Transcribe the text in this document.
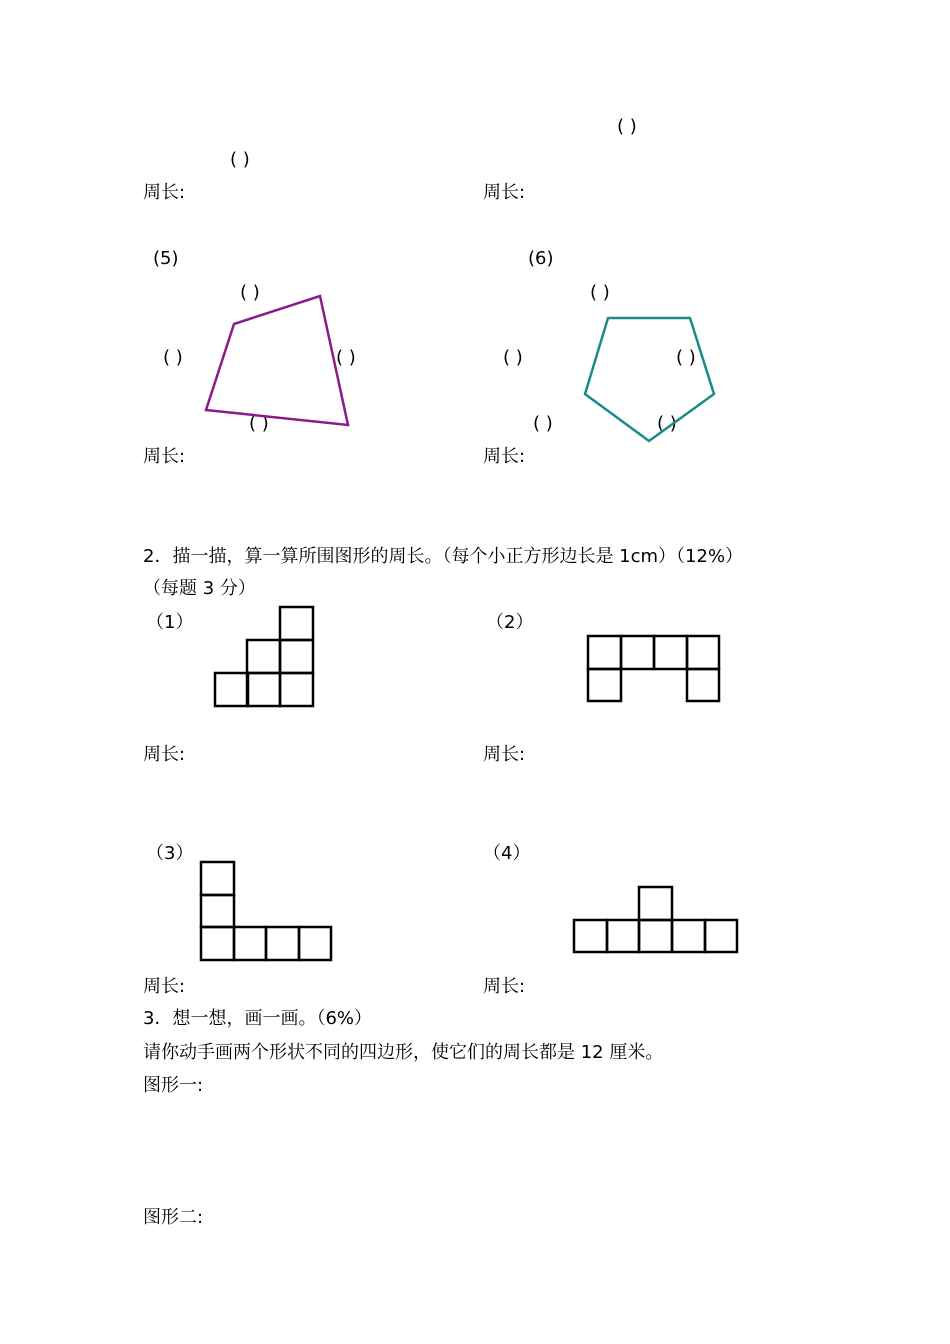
( )
( )
周长:	周长:
(5)	(6)
( )
( )	( )
( )
( )
( )	( )
( )	( )
周长:	周长:
2．描一描，算一算所围图形的周长。（每个小正方形边长是 1cm）（12%）
（每题 3 分）
（1）	（2）
周长:	周长:
（3）	（4）
周长:	周长:
3．想一想，画一画。（6%）
请你动手画两个形状不同的四边形，使它们的周长都是 12 厘米。
图形一:
图形二:
